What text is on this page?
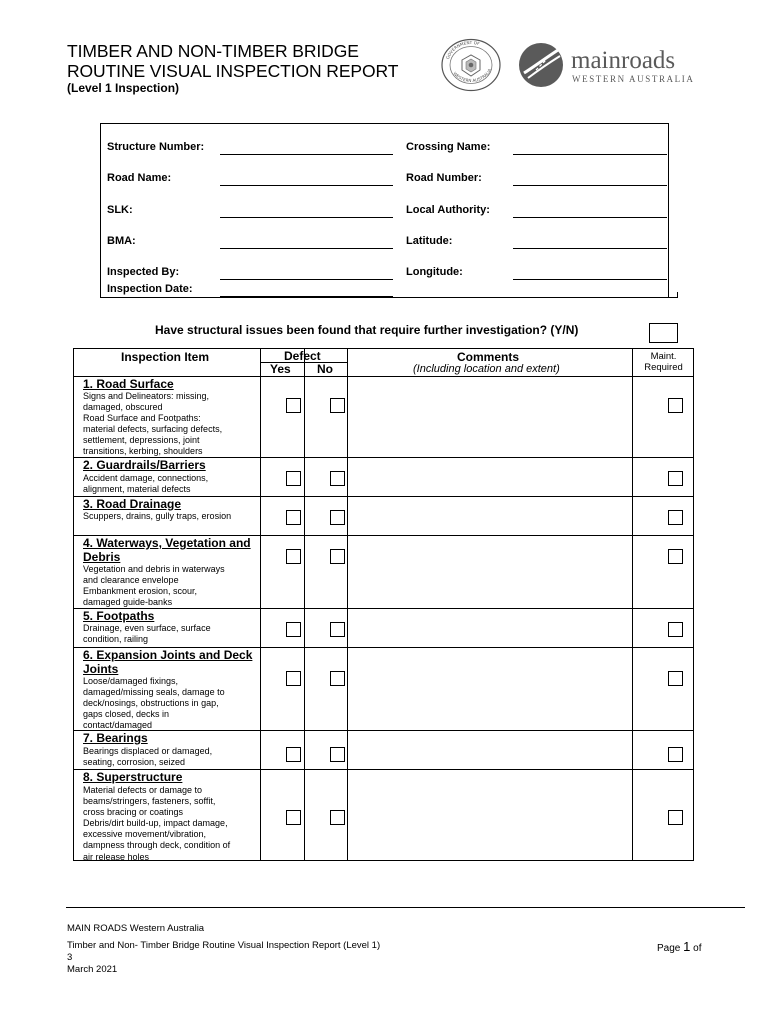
TIMBER AND NON-TIMBER BRIDGE
ROUTINE VISUAL INSPECTION REPORT
(Level 1 Inspection)
GOVERNMENT OF
WESTERN AUSTRALIA	mainroads
WESTERN AUSTRALIA
Structure Number:
Road Name:
SLK:
BMA:
Inspected By:
Inspection Date:
Crossing Name:
Road Number:
Local Authority:
Latitude:
Longitude:
Have structural issues been found that require further investigation? (Y/N)
Inspection Item	Defect
Yes No
Comments
(Including location and extent)
Maint.
Required
1. Road Surface
Signs and Delineators: missing,
damaged, obscured
Road Surface and Footpaths:
material defects, surfacing defects,
settlement, depressions, joint
transitions, kerbing, shoulders
2. Guardrails/Barriers
Accident damage, connections,
alignment, material defects
3. Road Drainage
Scuppers, drains, gully traps, erosion
4. Waterways, Vegetation and Debris
Vegetation and debris in waterways
and clearance envelope
Embankment erosion, scour,
damaged guide-banks
5. Footpaths
Drainage, even surface, surface
condition, railing
6. Expansion Joints and Deck Joints
Loose/damaged fixings,
damaged/missing seals, damage to
deck/nosings, obstructions in gap,
gaps closed, decks in
contact/damaged
7. Bearings
Bearings displaced or damaged,
seating, corrosion, seized
8. Superstructure
Material defects or damage to
beams/stringers, fasteners, soffit,
cross bracing or coatings
Debris/dirt build-up, impact damage,
excessive movement/vibration,
dampness through deck, condition of
air release holes
MAIN ROADS Western Australia
Timber and Non- Timber Bridge Routine Visual Inspection Report (Level 1)
3
March 2021
Page 1 of
